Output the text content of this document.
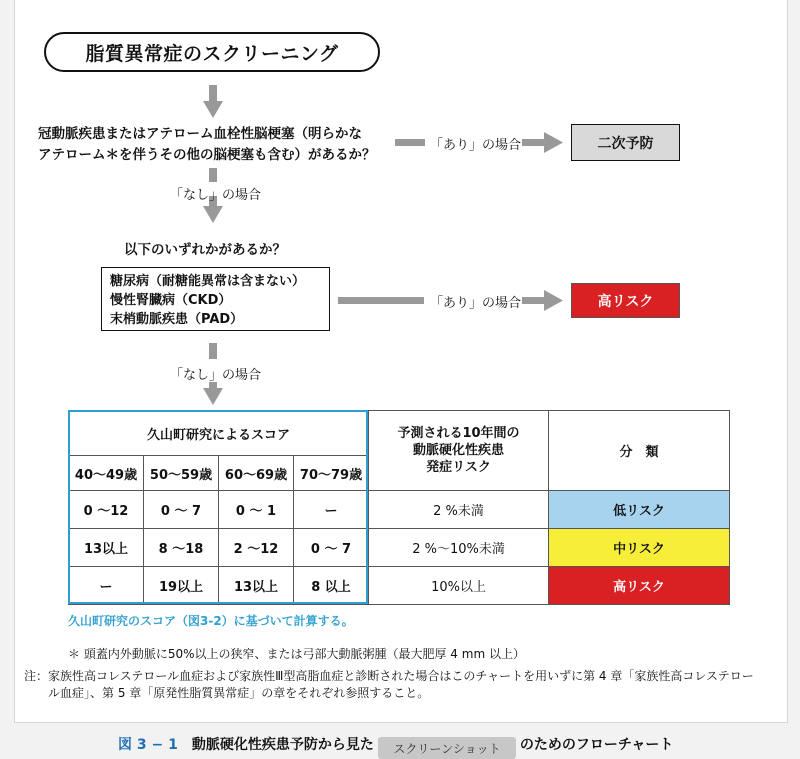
脂質異常症のスクリーニング
冠動脈疾患またはアテローム血栓性脳梗塞（明らかな
アテローム＊を伴うその他の脳梗塞も含む）があるか？
「あり」の場合	二次予防
「なし」の場合
以下のいずれかがあるか？
糖尿病（耐糖能異常は含まない）
慢性腎臓病（CKD）
末梢動脈疾患（PAD）
「あり」の場合	高リスク
「なし」の場合
久山町研究によるスコア				予測される10年間の
動脈硬化性疾患
発症リスク	分　類
40〜49歳	50〜59歳	60〜69歳	70〜79歳		
0 〜12	0 〜 7	0 〜 1	ー	2 %未満	低リスク
13以上	8 〜18	2 〜12	0 〜 7	2 %〜10%未満	中リスク
ー	19以上	13以上	8 以上	10%以上	高リスク
久山町研究のスコア（図3-2）に基づいて計算する。
＊ 頭蓋内外動脈に50%以上の狭窄、または弓部大動脈粥腫（最大肥厚 4 mm 以上）
注：家族性高コレステロール血症および家族性Ⅲ型高脂血症と診断された場合はこのチャートを用いずに第 4 章「家族性高コレステロー
ル血症」、第 5 章「原発性脂質異常症」の章をそれぞれ参照すること。
図 3 − 1 動脈硬化性疾患予防から見た	のためのフローチャート
スクリーンショット
